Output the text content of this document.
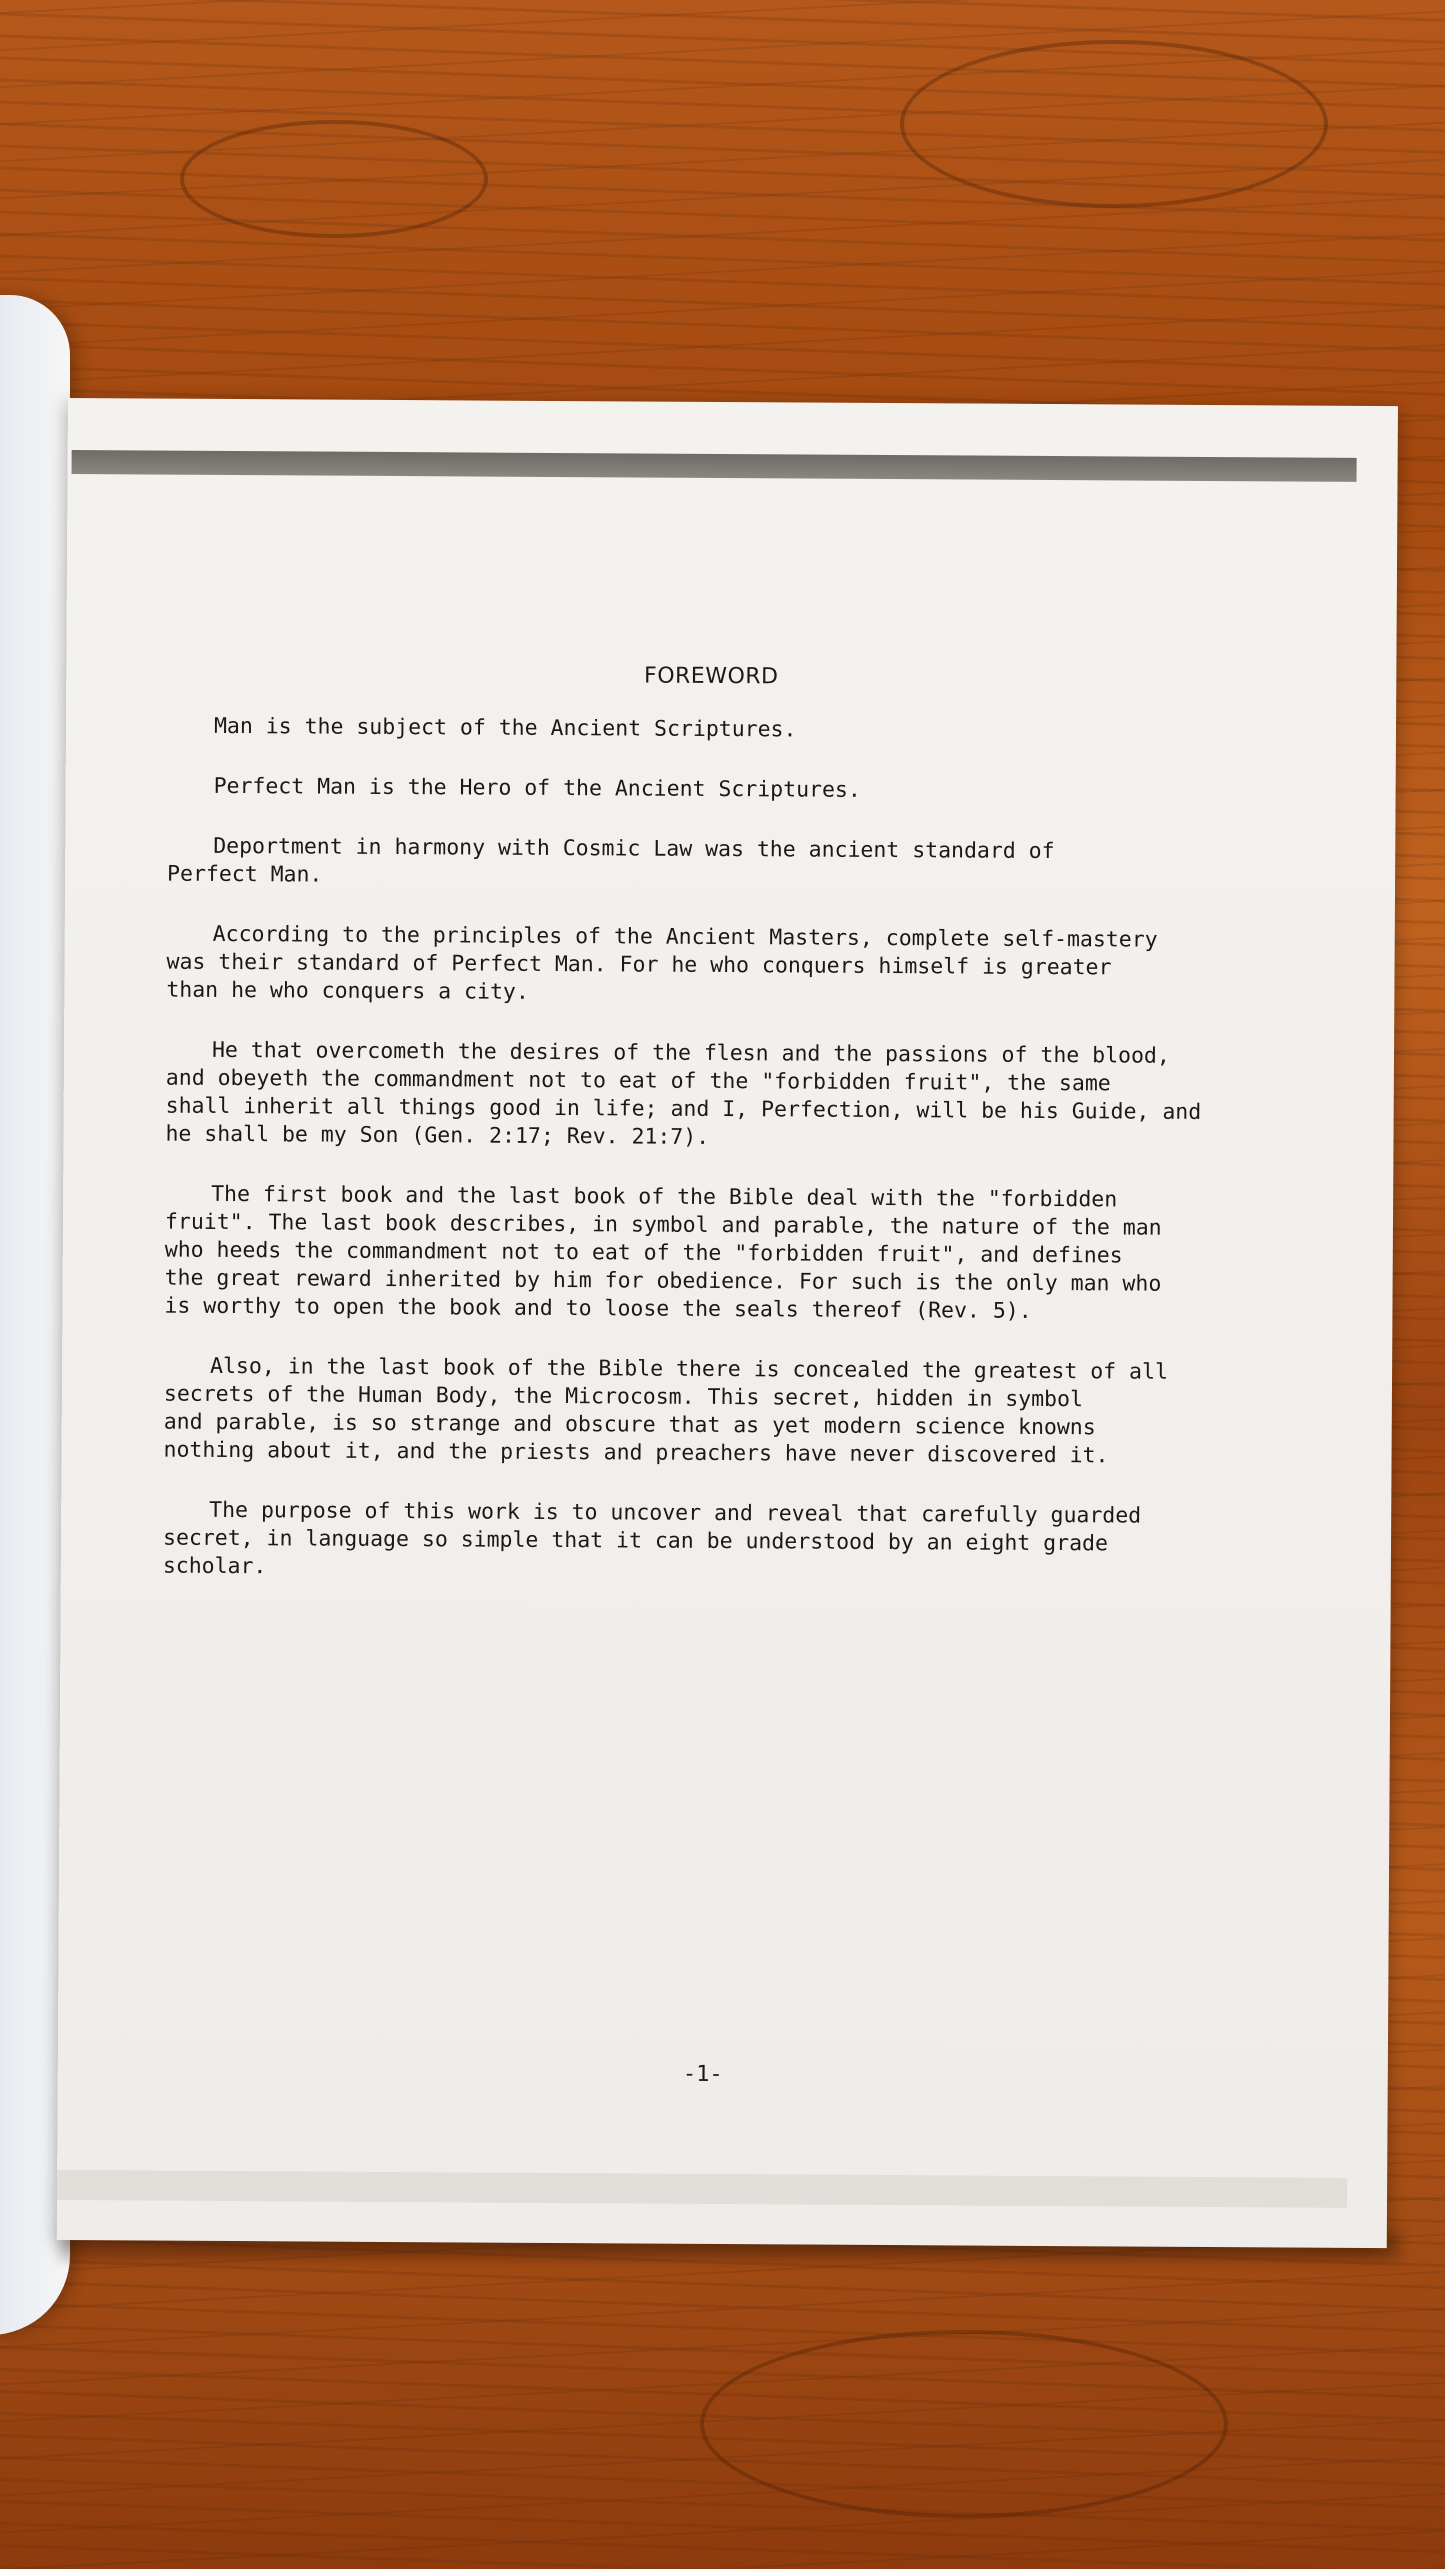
FOREWORD

Man is the subject of the Ancient Scriptures.

Perfect Man is the Hero of the Ancient Scriptures.

Deportment in harmony with Cosmic Law was the ancient standard of
Perfect Man.

According to the principles of the Ancient Masters, complete self-mastery
was their standard of Perfect Man. For he who conquers himself is greater
than he who conquers a city.

He that overcometh the desires of the flesn and the passions of the blood,
and obeyeth the commandment not to eat of the "forbidden fruit", the same
shall inherit all things good in life; and I, Perfection, will be his Guide, and
he shall be my Son (Gen. 2:17; Rev. 21:7).

The first book and the last book of the Bible deal with the "forbidden
fruit". The last book describes, in symbol and parable, the nature of the man
who heeds the commandment not to eat of the "forbidden fruit", and defines
the great reward inherited by him for obedience. For such is the only man who
is worthy to open the book and to loose the seals thereof (Rev. 5).

Also, in the last book of the Bible there is concealed the greatest of all
secrets of the Human Body, the Microcosm. This secret, hidden in symbol
and parable, is so strange and obscure that as yet modern science knowns
nothing about it, and the priests and preachers have never discovered it.

The purpose of this work is to uncover and reveal that carefully guarded
secret, in language so simple that it can be understood by an eight grade
scholar.

-1-
